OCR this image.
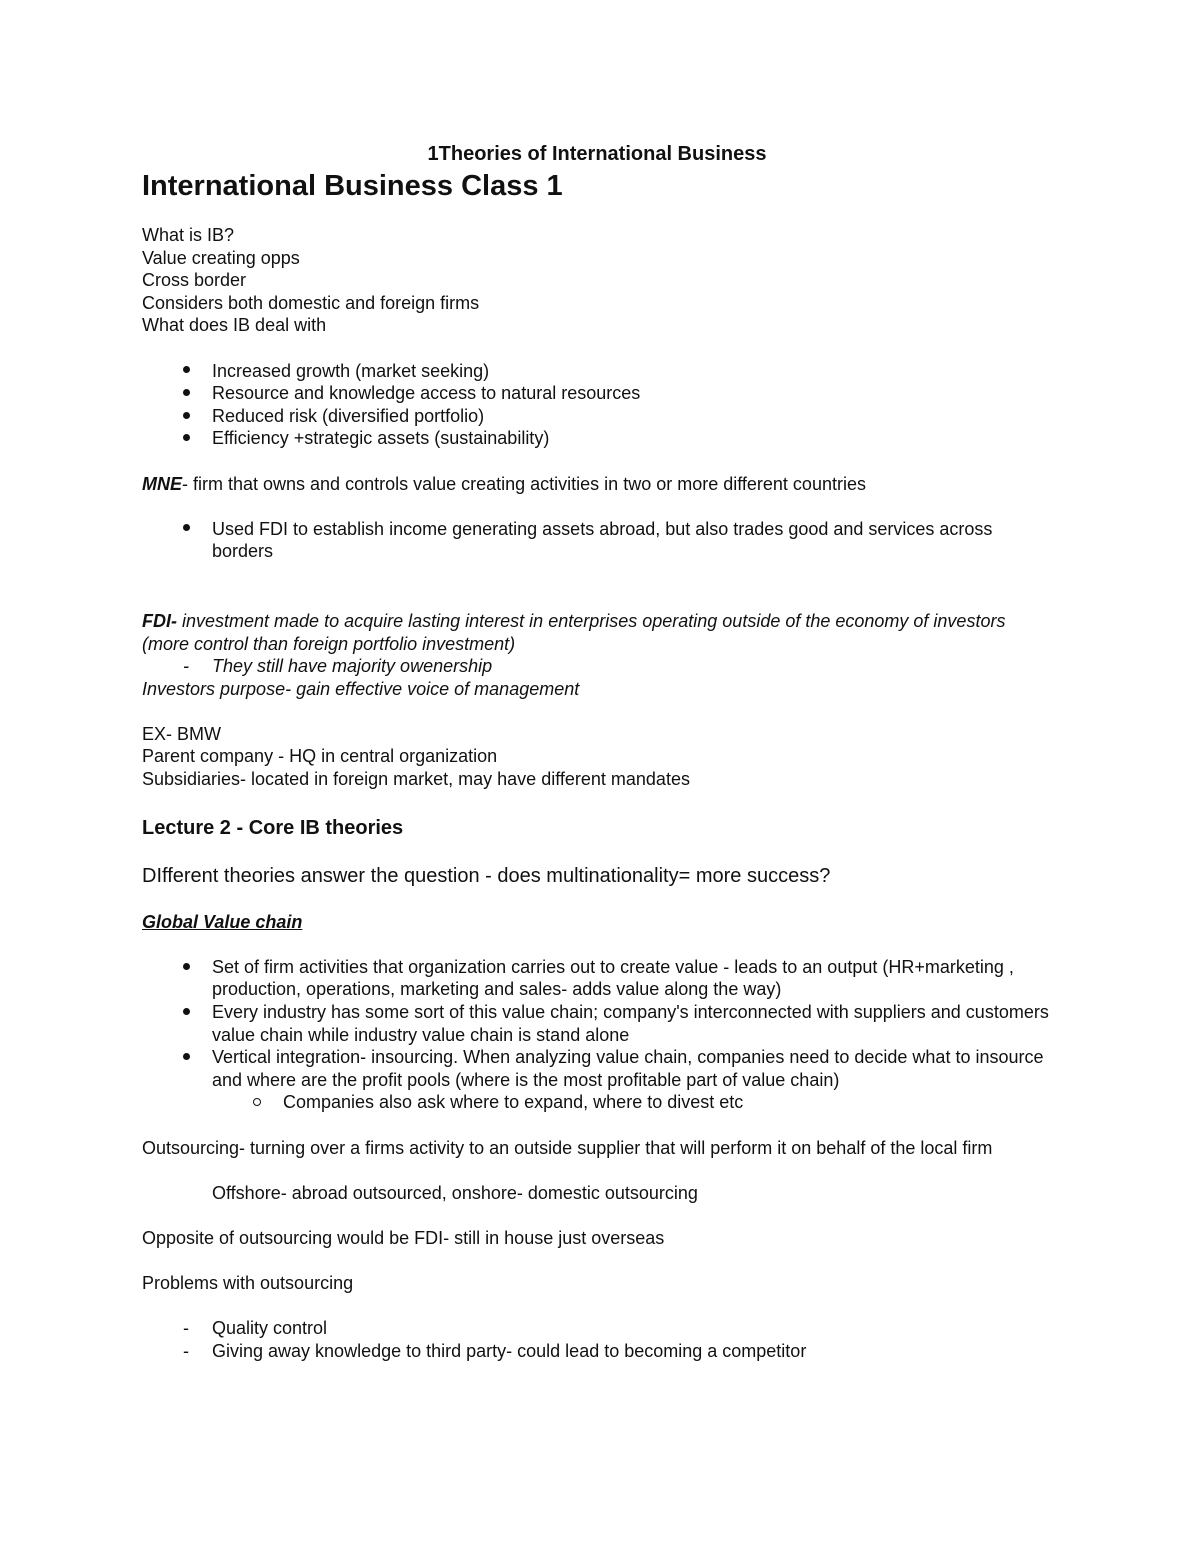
1Theories of International Business
International Business Class 1

What is IB?

Value creating opps

Cross border

Considers both domestic and foreign firms

What does IB deal with

Increased growth (market seeking)
Resource and knowledge access to natural resources
Reduced risk (diversified portfolio)
Efficiency +strategic assets (sustainability)

MNE- firm that owns and controls value creating activities in two or more different countries

Used FDI to establish income generating assets abroad, but also trades good and services across borders

FDI- investment made to acquire lasting interest in enterprises operating outside of the economy of investors (more control than foreign portfolio investment)

-
They still have majority owenership

Investors purpose- gain effective voice of management

EX- BMW

Parent company - HQ in central organization

Subsidiaries- located in foreign market, may have different mandates

Lecture 2 - Core IB theories

DIfferent theories answer the question - does multinationality= more success?

Global Value chain

Set of firm activities that organization carries out to create value - leads to an output (HR+marketing , production, operations, marketing and sales- adds value along the way)
Every industry has some sort of this value chain; company's interconnected with suppliers and customers value chain while industry value chain is stand alone
Vertical integration- insourcing. When analyzing value chain, companies need to decide what to insource and where are the profit pools (where is the most profitable part of value chain)
Companies also ask where to expand, where to divest etc

Outsourcing- turning over a firms activity to an outside supplier that will perform it on behalf of the local firm

Offshore- abroad outsourced, onshore- domestic outsourcing

Opposite of outsourcing would be FDI- still in house just overseas

Problems with outsourcing

-
Quality control
-
Giving away knowledge to third party- could lead to becoming a competitor
